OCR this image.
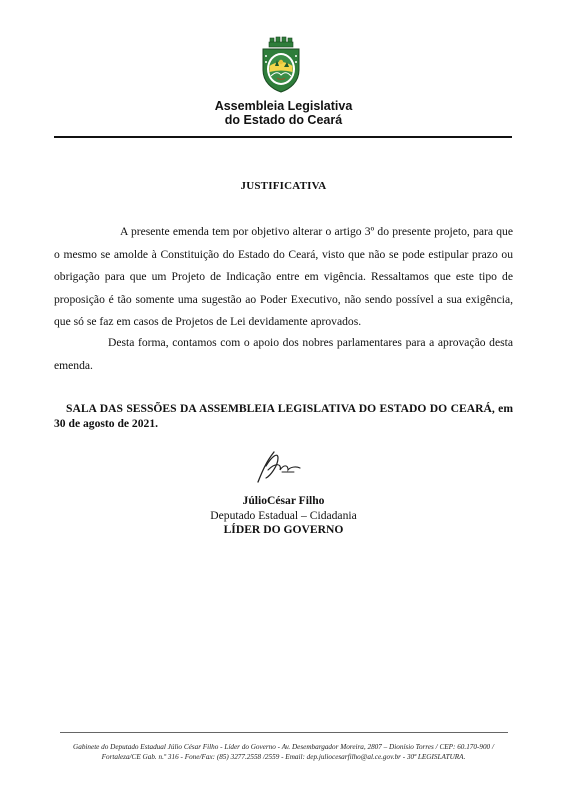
Assembleia Legislativa
do Estado do Ceará
JUSTIFICATIVA

A presente emenda tem por objetivo alterar o artigo 3º do presente projeto, para que o mesmo se amolde à Constituição do Estado do Ceará, visto que não se pode estipular prazo ou obrigação para que um Projeto de Indicação entre em vigência. Ressaltamos que este tipo de proposição é tão somente uma sugestão ao Poder Executivo, não sendo possível a sua exigência, que só se faz em casos de Projetos de Lei devidamente aprovados.

Desta forma, contamos com o apoio dos nobres parlamentares para a aprovação desta emenda.

SALA DAS SESSÕES DA ASSEMBLEIA LEGISLATIVA DO ESTADO DO CEARÁ, em 30 de agosto de 2021.

JúlioCésar Filho
Deputado Estadual – Cidadania
LÍDER DO GOVERNO
Gabinete do Deputado Estadual Júlio César Filho - Líder do Governo - Av. Desembargador Moreira, 2807 – Dionísio Torres / CEP: 60.170-900 /
Fortaleza/CE Gab. n.º 316 - Fone/Fax: (85) 3277.2558 /2559 - Email: dep.juliocesarfilho@al.ce.gov.br - 30ª LEGISLATURA.
